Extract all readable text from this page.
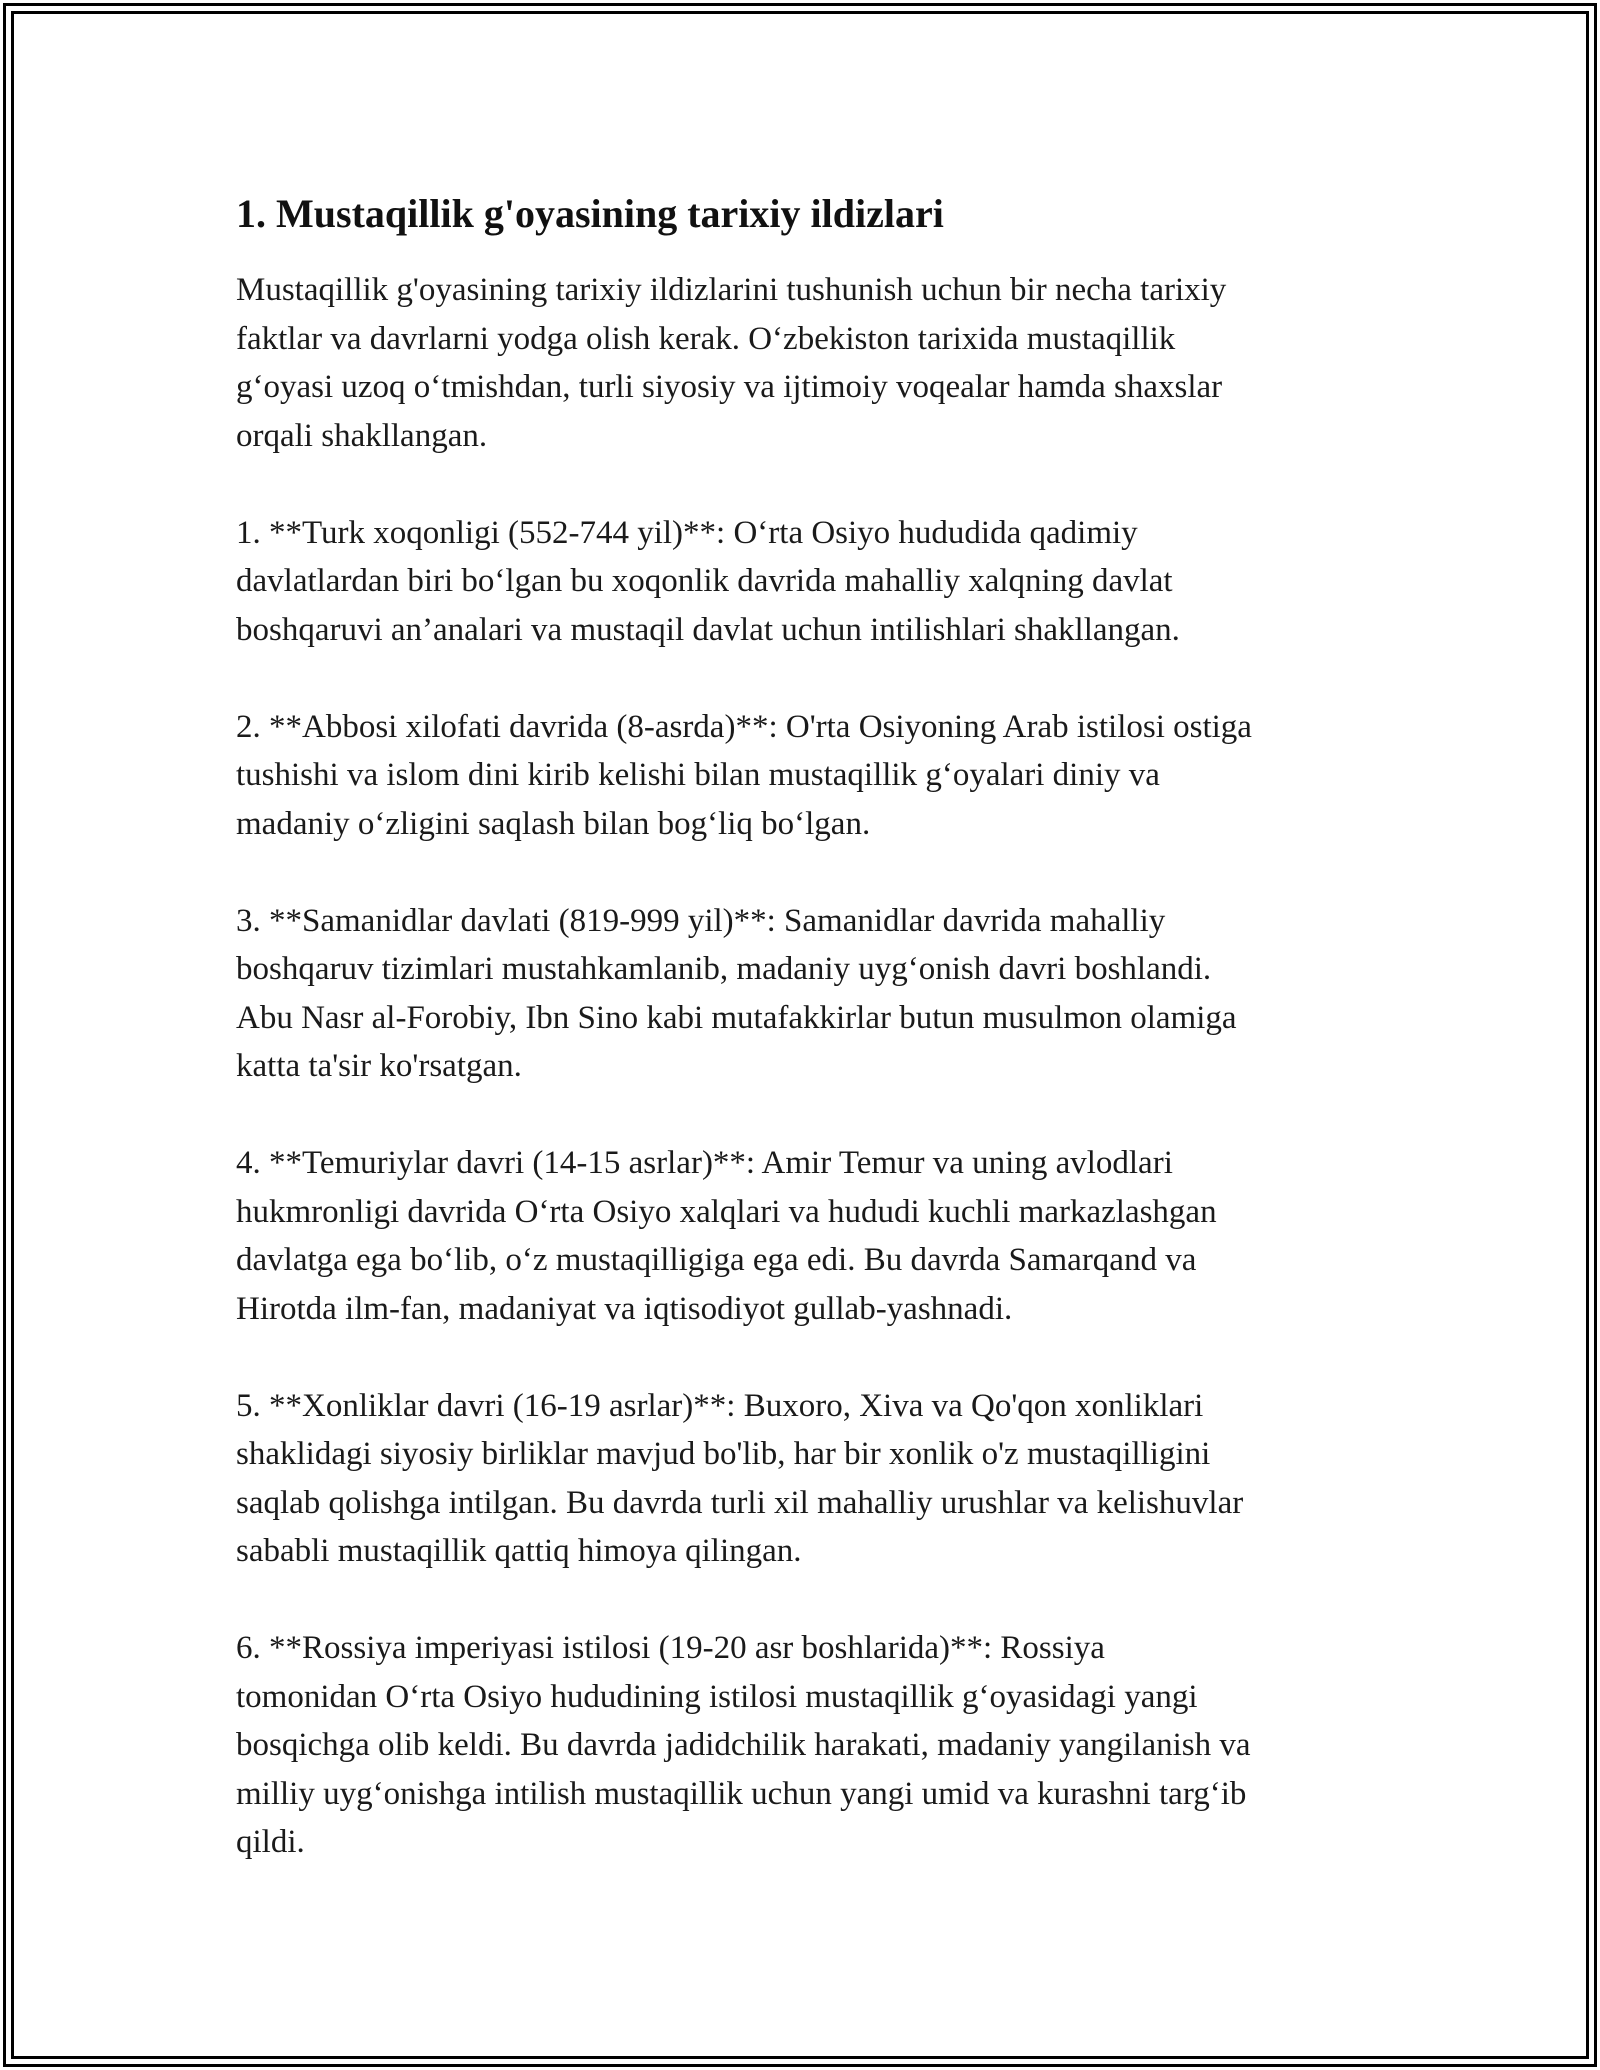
1. Mustaqillik g'oyasining tarixiy ildizlari

Mustaqillik g'oyasining tarixiy ildizlarini tushunish uchun bir necha tarixiy
faktlar va davrlarni yodga olish kerak. O‘zbekiston tarixida mustaqillik
g‘oyasi uzoq o‘tmishdan, turli siyosiy va ijtimoiy voqealar hamda shaxslar
orqali shakllangan.

1. **Turk xoqonligi (552-744 yil)**: O‘rta Osiyo hududida qadimiy
davlatlardan biri bo‘lgan bu xoqonlik davrida mahalliy xalqning davlat
boshqaruvi an’analari va mustaqil davlat uchun intilishlari shakllangan.

2. **Abbosi xilofati davrida (8-asrda)**: O'rta Osiyoning Arab istilosi ostiga
tushishi va islom dini kirib kelishi bilan mustaqillik g‘oyalari diniy va
madaniy o‘zligini saqlash bilan bog‘liq bo‘lgan.

3. **Samanidlar davlati (819-999 yil)**: Samanidlar davrida mahalliy
boshqaruv tizimlari mustahkamlanib, madaniy uyg‘onish davri boshlandi.
Abu Nasr al-Forobiy, Ibn Sino kabi mutafakkirlar butun musulmon olamiga
katta ta'sir ko'rsatgan.

4. **Temuriylar davri (14-15 asrlar)**: Amir Temur va uning avlodlari
hukmronligi davrida O‘rta Osiyo xalqlari va hududi kuchli markazlashgan
davlatga ega bo‘lib, o‘z mustaqilligiga ega edi. Bu davrda Samarqand va
Hirotda ilm-fan, madaniyat va iqtisodiyot gullab-yashnadi.

5. **Xonliklar davri (16-19 asrlar)**: Buxoro, Xiva va Qo'qon xonliklari
shaklidagi siyosiy birliklar mavjud bo'lib, har bir xonlik o'z mustaqilligini
saqlab qolishga intilgan. Bu davrda turli xil mahalliy urushlar va kelishuvlar
sababli mustaqillik qattiq himoya qilingan.

6. **Rossiya imperiyasi istilosi (19-20 asr boshlarida)**: Rossiya
tomonidan O‘rta Osiyo hududining istilosi mustaqillik g‘oyasidagi yangi
bosqichga olib keldi. Bu davrda jadidchilik harakati, madaniy yangilanish va
milliy uyg‘onishga intilish mustaqillik uchun yangi umid va kurashni targ‘ib
qildi.
